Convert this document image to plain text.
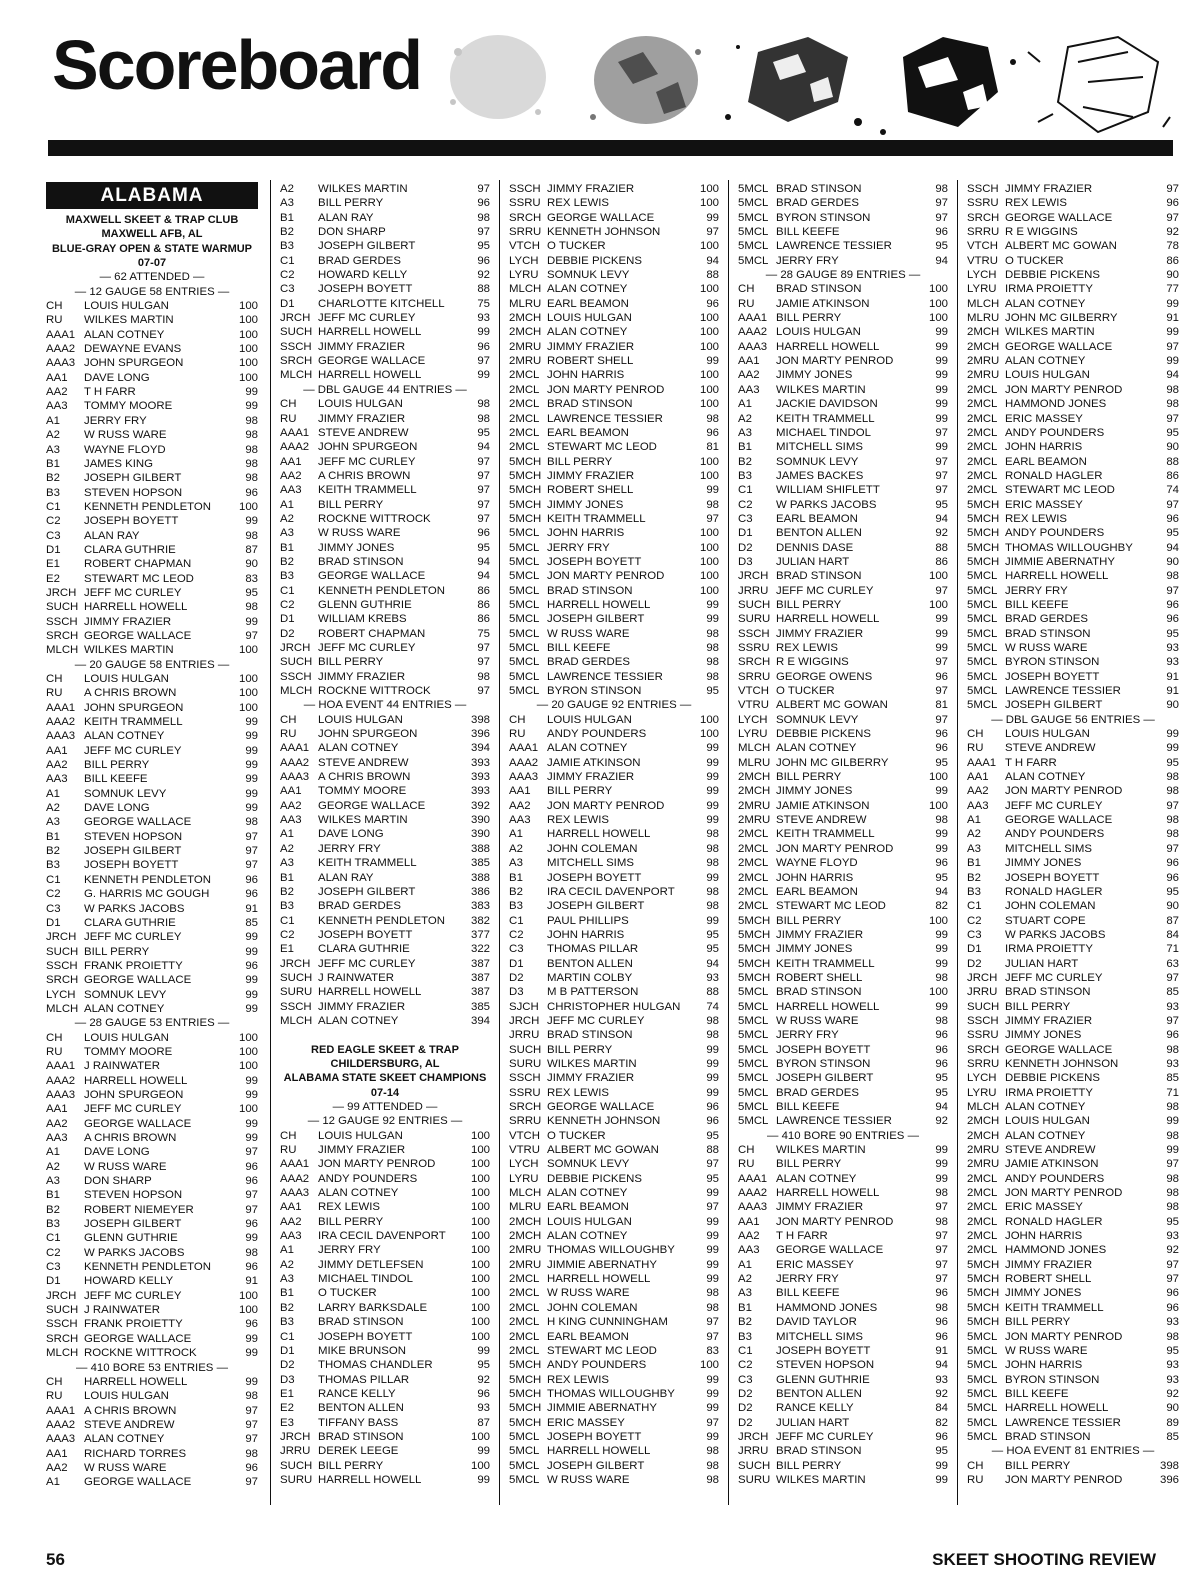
Scoreboard
ALABAMA
MAXWELL SKEET & TRAP CLUB
MAXWELL AFB, AL
BLUE-GRAY OPEN & STATE WARMUP
07-07
— 62 ATTENDED —
— 12 GAUGE 58 ENTRIES —
CH	LOUIS HULGAN	100
RU	WILKES MARTIN	100
AAA1 ALAN COTNEY	100
AAA2 DEWAYNE EVANS	100
AAA3 JOHN SPURGEON	100
AA1	DAVE LONG	100
AA2	T H FARR	99
AA3	TOMMY MOORE	99
A1	JERRY FRY	98
A2	W RUSS WARE	98
A3	WAYNE FLOYD	98
B1	JAMES KING	98
B2	JOSEPH GILBERT	98
B3	STEVEN HOPSON	96
C1	KENNETH PENDLETON	100
C2	JOSEPH BOYETT	99
C3	ALAN RAY	98
D1	CLARA GUTHRIE	87
E1	ROBERT CHAPMAN	90
E2	STEWART MC LEOD	83
JRCH JEFF MC CURLEY	95
SUCH HARRELL HOWELL	98
SSCH JIMMY FRAZIER	99
SRCH GEORGE WALLACE	97
MLCH WILKES MARTIN	100
— 20 GAUGE 58 ENTRIES —
CH	LOUIS HULGAN	100
RU	A CHRIS BROWN	100
AAA1 JOHN SPURGEON	100
AAA2 KEITH TRAMMELL	99
AAA3 ALAN COTNEY	99
AA1	JEFF MC CURLEY	99
AA2	BILL PERRY	99
AA3	BILL KEEFE	99
A1	SOMNUK LEVY	99
A2	DAVE LONG	99
A3	GEORGE WALLACE	98
B1	STEVEN HOPSON	97
B2	JOSEPH GILBERT	97
B3	JOSEPH BOYETT	97
C1	KENNETH PENDLETON	96
C2	G. HARRIS MC GOUGH	96
C3	W PARKS JACOBS	91
D1	CLARA GUTHRIE	85
JRCH JEFF MC CURLEY	99
SUCH BILL PERRY	99
SSCH FRANK PROIETTY	96
SRCH GEORGE WALLACE	99
LYCH SOMNUK LEVY	99
MLCH ALAN COTNEY	99
— 28 GAUGE 53 ENTRIES —
CH	LOUIS HULGAN	100
RU	TOMMY MOORE	100
AAA1 J RAINWATER	100
AAA2 HARRELL HOWELL	99
AAA3 JOHN SPURGEON	99
AA1	JEFF MC CURLEY	100
AA2	GEORGE WALLACE	99
AA3	A CHRIS BROWN	99
A1	DAVE LONG	97
A2	W RUSS WARE	96
A3	DON SHARP	96
B1	STEVEN HOPSON	97
B2	ROBERT NIEMEYER	97
B3	JOSEPH GILBERT	96
C1	GLENN GUTHRIE	99
C2	W PARKS JACOBS	98
C3	KENNETH PENDLETON	96
D1	HOWARD KELLY	91
JRCH JEFF MC CURLEY	100
SUCH J RAINWATER	100
SSCH FRANK PROIETTY	96
SRCH GEORGE WALLACE	99
MLCH ROCKNE WITTROCK	99
— 410 BORE 53 ENTRIES —
CH	HARRELL HOWELL	99
RU	LOUIS HULGAN	98
AAA1 A CHRIS BROWN	97
AAA2 STEVE ANDREW	97
AAA3 ALAN COTNEY	97
AA1	RICHARD TORRES	98
AA2	W RUSS WARE	96
A1	GEORGE WALLACE	97
A2	WILKES MARTIN	97
A3	BILL PERRY	96
B1	ALAN RAY	98
B2	DON SHARP	97
B3	JOSEPH GILBERT	95
C1	BRAD GERDES	96
C2	HOWARD KELLY	92
C3	JOSEPH BOYETT	88
D1	CHARLOTTE KITCHELL	75
JRCH JEFF MC CURLEY	93
SUCH HARRELL HOWELL	99
SSCH JIMMY FRAZIER	96
SRCH GEORGE WALLACE	97
MLCH HARRELL HOWELL	99
— DBL GAUGE 44 ENTRIES —
CH	LOUIS HULGAN	98
RU	JIMMY FRAZIER	98
AAA1 STEVE ANDREW	95
AAA2 JOHN SPURGEON	94
AA1	JEFF MC CURLEY	97
AA2	A CHRIS BROWN	97
AA3	KEITH TRAMMELL	97
A1	BILL PERRY	97
A2	ROCKNE WITTROCK	97
A3	W RUSS WARE	96
B1	JIMMY JONES	95
B2	BRAD STINSON	94
B3	GEORGE WALLACE	94
C1	KENNETH PENDLETON	86
C2	GLENN GUTHRIE	86
D1	WILLIAM KREBS	86
D2	ROBERT CHAPMAN	75
JRCH JEFF MC CURLEY	97
SUCH BILL PERRY	97
SSCH JIMMY FRAZIER	98
MLCH ROCKNE WITTROCK	97
— HOA EVENT 44 ENTRIES —
CH	LOUIS HULGAN	398
RU	JOHN SPURGEON	396
AAA1 ALAN COTNEY	394
AAA2 STEVE ANDREW	393
AAA3 A CHRIS BROWN	393
AA1	TOMMY MOORE	393
AA2	GEORGE WALLACE	392
AA3	WILKES MARTIN	390
A1	DAVE LONG	390
A2	JERRY FRY	388
A3	KEITH TRAMMELL	385
B1	ALAN RAY	388
B2	JOSEPH GILBERT	386
B3	BRAD GERDES	383
C1	KENNETH PENDLETON	382
C2	JOSEPH BOYETT	377
E1	CLARA GUTHRIE	322
JRCH JEFF MC CURLEY	387
SUCH J RAINWATER	387
SURU HARRELL HOWELL	387
SSCH JIMMY FRAZIER	385
MLCH ALAN COTNEY	394
RED EAGLE SKEET & TRAP
CHILDERSBURG, AL
ALABAMA STATE SKEET CHAMPIONS
07-14
— 99 ATTENDED —
— 12 GAUGE 92 ENTRIES —
CH	LOUIS HULGAN	100
RU	JIMMY FRAZIER	100
AAA1 JON MARTY PENROD	100
AAA2 ANDY POUNDERS	100
AAA3 ALAN COTNEY	100
AA1	REX LEWIS	100
AA2	BILL PERRY	100
AA3	IRA CECIL DAVENPORT	100
A1	JERRY FRY	100
A2	JIMMY DETLEFSEN	100
A3	MICHAEL TINDOL	100
B1	O TUCKER	100
B2	LARRY BARKSDALE	100
B3	BRAD STINSON	100
C1	JOSEPH BOYETT	100
D1	MIKE BRUNSON	99
D2	THOMAS CHANDLER	95
D3	THOMAS PILLAR	92
E1	RANCE KELLY	96
E2	BENTON ALLEN	93
E3	TIFFANY BASS	87
JRCH BRAD STINSON	100
JRRU DEREK LEEGE	99
SUCH BILL PERRY	100
SURU HARRELL HOWELL	99
SSCH JIMMY FRAZIER	100
SSRU REX LEWIS	100
SRCH GEORGE WALLACE	99
SRRU KENNETH JOHNSON	97
VTCH O TUCKER	100
LYCH DEBBIE PICKENS	94
LYRU SOMNUK LEVY	88
MLCH ALAN COTNEY	100
MLRU EARL BEAMON	96
2MCH LOUIS HULGAN	100
2MCH ALAN COTNEY	100
2MRU JIMMY FRAZIER	100
2MRU ROBERT SHELL	99
2MCL JOHN HARRIS	100
2MCL JON MARTY PENROD	100
2MCL BRAD STINSON	100
2MCL LAWRENCE TESSIER	98
2MCL EARL BEAMON	96
2MCL STEWART MC LEOD	81
5MCH BILL PERRY	100
5MCH JIMMY FRAZIER	100
5MCH ROBERT SHELL	99
5MCH JIMMY JONES	98
5MCH KEITH TRAMMELL	97
5MCL JOHN HARRIS	100
5MCL JERRY FRY	100
5MCL JOSEPH BOYETT	100
5MCL JON MARTY PENROD	100
5MCL BRAD STINSON	100
5MCL HARRELL HOWELL	99
5MCL JOSEPH GILBERT	99
5MCL W RUSS WARE	98
5MCL BILL KEEFE	98
5MCL BRAD GERDES	98
5MCL LAWRENCE TESSIER	98
5MCL BYRON STINSON	95
— 20 GAUGE 92 ENTRIES —
CH	LOUIS HULGAN	100
RU	ANDY POUNDERS	100
AAA1 ALAN COTNEY	99
AAA2 JAMIE ATKINSON	99
AAA3 JIMMY FRAZIER	99
AA1	BILL PERRY	99
AA2	JON MARTY PENROD	99
AA3	REX LEWIS	99
A1	HARRELL HOWELL	98
A2	JOHN COLEMAN	98
A3	MITCHELL SIMS	98
B1	JOSEPH BOYETT	99
B2	IRA CECIL DAVENPORT	98
B3	JOSEPH GILBERT	98
C1	PAUL PHILLIPS	99
C2	JOHN HARRIS	95
C3	THOMAS PILLAR	95
D1	BENTON ALLEN	94
D2	MARTIN COLBY	93
D3	M B PATTERSON	88
SJCH CHRISTOPHER HULGAN	74
JRCH JEFF MC CURLEY	98
JRRU BRAD STINSON	98
SUCH BILL PERRY	99
SURU WILKES MARTIN	99
SSCH JIMMY FRAZIER	99
SSRU REX LEWIS	99
SRCH GEORGE WALLACE	96
SRRU KENNETH JOHNSON	96
VTCH O TUCKER	95
VTRU ALBERT MC GOWAN	88
LYCH SOMNUK LEVY	97
LYRU DEBBIE PICKENS	95
MLCH ALAN COTNEY	99
MLRU EARL BEAMON	97
2MCH LOUIS HULGAN	99
2MCH ALAN COTNEY	99
2MRU THOMAS WILLOUGHBY	99
2MRU JIMMIE ABERNATHY	99
2MCL HARRELL HOWELL	99
2MCL W RUSS WARE	98
2MCL JOHN COLEMAN	98
2MCL H KING CUNNINGHAM	97
2MCL EARL BEAMON	97
2MCL STEWART MC LEOD	83
5MCH ANDY POUNDERS	100
5MCH REX LEWIS	99
5MCH THOMAS WILLOUGHBY	99
5MCH JIMMIE ABERNATHY	99
5MCH ERIC MASSEY	97
5MCL JOSEPH BOYETT	99
5MCL HARRELL HOWELL	98
5MCL JOSEPH GILBERT	98
5MCL W RUSS WARE	98
5MCL BRAD STINSON	98
5MCL BRAD GERDES	97
5MCL BYRON STINSON	97
5MCL BILL KEEFE	96
5MCL LAWRENCE TESSIER	95
5MCL JERRY FRY	94
— 28 GAUGE 89 ENTRIES —
CH	BRAD STINSON	100
RU	JAMIE ATKINSON	100
AAA1 BILL PERRY	100
AAA2 LOUIS HULGAN	99
AAA3 HARRELL HOWELL	99
AA1	JON MARTY PENROD	99
AA2	JIMMY JONES	99
AA3	WILKES MARTIN	99
A1	JACKIE DAVIDSON	99
A2	KEITH TRAMMELL	99
A3	MICHAEL TINDOL	97
B1	MITCHELL SIMS	99
B2	SOMNUK LEVY	97
B3	JAMES BACKES	97
C1	WILLIAM SHIFLETT	97
C2	W PARKS JACOBS	95
C3	EARL BEAMON	94
D1	BENTON ALLEN	92
D2	DENNIS DASE	88
D3	JULIAN HART	86
JRCH BRAD STINSON	100
JRRU JEFF MC CURLEY	97
SUCH BILL PERRY	100
SURU HARRELL HOWELL	99
SSCH JIMMY FRAZIER	99
SSRU REX LEWIS	99
SRCH R E WIGGINS	97
SRRU GEORGE OWENS	96
VTCH O TUCKER	97
VTRU ALBERT MC GOWAN	81
LYCH SOMNUK LEVY	97
LYRU DEBBIE PICKENS	96
MLCH ALAN COTNEY	96
MLRU JOHN MC GILBERRY	95
2MCH BILL PERRY	100
2MCH JIMMY JONES	99
2MRU JAMIE ATKINSON	100
2MRU STEVE ANDREW	98
2MCL KEITH TRAMMELL	99
2MCL JON MARTY PENROD	99
2MCL WAYNE FLOYD	96
2MCL JOHN HARRIS	95
2MCL EARL BEAMON	94
2MCL STEWART MC LEOD	82
5MCH BILL PERRY	100
5MCH JIMMY FRAZIER	99
5MCH JIMMY JONES	99
5MCH KEITH TRAMMELL	99
5MCH ROBERT SHELL	98
5MCL BRAD STINSON	100
5MCL HARRELL HOWELL	99
5MCL W RUSS WARE	98
5MCL JERRY FRY	96
5MCL JOSEPH BOYETT	96
5MCL BYRON STINSON	96
5MCL JOSEPH GILBERT	95
5MCL BRAD GERDES	95
5MCL BILL KEEFE	94
5MCL LAWRENCE TESSIER	92
— 410 BORE 90 ENTRIES —
CH	WILKES MARTIN	99
RU	BILL PERRY	99
AAA1 ALAN COTNEY	99
AAA2 HARRELL HOWELL	98
AAA3 JIMMY FRAZIER	97
AA1	JON MARTY PENROD	98
AA2	T H FARR	97
AA3	GEORGE WALLACE	97
A1	ERIC MASSEY	97
A2	JERRY FRY	97
A3	BILL KEEFE	96
B1	HAMMOND JONES	98
B2	DAVID TAYLOR	96
B3	MITCHELL SIMS	96
C1	JOSEPH BOYETT	91
C2	STEVEN HOPSON	94
C3	GLENN GUTHRIE	93
D2	BENTON ALLEN	92
D2	RANCE KELLY	84
D2	JULIAN HART	82
JRCH JEFF MC CURLEY	96
JRRU BRAD STINSON	95
SUCH BILL PERRY	99
SURU WILKES MARTIN	99
SSCH JIMMY FRAZIER	97
SSRU REX LEWIS	96
SRCH GEORGE WALLACE	97
SRRU R E WIGGINS	92
VTCH ALBERT MC GOWAN	78
VTRU O TUCKER	86
LYCH DEBBIE PICKENS	90
LYRU IRMA PROIETTY	77
MLCH ALAN COTNEY	99
MLRU JOHN MC GILBERRY	91
2MCH WILKES MARTIN	99
2MCH GEORGE WALLACE	97
2MRU ALAN COTNEY	99
2MRU LOUIS HULGAN	94
2MCL JON MARTY PENROD	98
2MCL HAMMOND JONES	98
2MCL ERIC MASSEY	97
2MCL ANDY POUNDERS	95
2MCL JOHN HARRIS	90
2MCL EARL BEAMON	88
2MCL RONALD HAGLER	86
2MCL STEWART MC LEOD	74
5MCH ERIC MASSEY	97
5MCH REX LEWIS	96
5MCH ANDY POUNDERS	95
5MCH THOMAS WILLOUGHBY	94
5MCH JIMMIE ABERNATHY	90
5MCL HARRELL HOWELL	98
5MCL JERRY FRY	97
5MCL BILL KEEFE	96
5MCL BRAD GERDES	96
5MCL BRAD STINSON	95
5MCL W RUSS WARE	93
5MCL BYRON STINSON	93
5MCL JOSEPH BOYETT	91
5MCL LAWRENCE TESSIER	91
5MCL JOSEPH GILBERT	90
— DBL GAUGE 56 ENTRIES —
CH	LOUIS HULGAN	99
RU	STEVE ANDREW	99
AAA1 T H FARR	95
AA1	ALAN COTNEY	98
AA2	JON MARTY PENROD	98
AA3	JEFF MC CURLEY	97
A1	GEORGE WALLACE	98
A2	ANDY POUNDERS	98
A3	MITCHELL SIMS	97
B1	JIMMY JONES	96
B2	JOSEPH BOYETT	96
B3	RONALD HAGLER	95
C1	JOHN COLEMAN	90
C2	STUART COPE	87
C3	W PARKS JACOBS	84
D1	IRMA PROIETTY	71
D2	JULIAN HART	63
JRCH JEFF MC CURLEY	97
JRRU BRAD STINSON	85
SUCH BILL PERRY	93
SSCH JIMMY FRAZIER	97
SSRU JIMMY JONES	96
SRCH GEORGE WALLACE	98
SRRU KENNETH JOHNSON	93
LYCH DEBBIE PICKENS	85
LYRU IRMA PROIETTY	71
MLCH ALAN COTNEY	98
2MCH LOUIS HULGAN	99
2MCH ALAN COTNEY	98
2MRU STEVE ANDREW	99
2MRU JAMIE ATKINSON	97
2MCL ANDY POUNDERS	98
2MCL JON MARTY PENROD	98
2MCL ERIC MASSEY	98
2MCL RONALD HAGLER	95
2MCL JOHN HARRIS	93
2MCL HAMMOND JONES	92
5MCH JIMMY FRAZIER	97
5MCH ROBERT SHELL	97
5MCH JIMMY JONES	96
5MCH KEITH TRAMMELL	96
5MCH BILL PERRY	93
5MCL JON MARTY PENROD	98
5MCL W RUSS WARE	95
5MCL JOHN HARRIS	93
5MCL BYRON STINSON	93
5MCL BILL KEEFE	92
5MCL HARRELL HOWELL	90
5MCL LAWRENCE TESSIER	89
5MCL BRAD STINSON	85
— HOA EVENT 81 ENTRIES —
CH	BILL PERRY	398
RU	JON MARTY PENROD	396
56	SKEET SHOOTING REVIEW
